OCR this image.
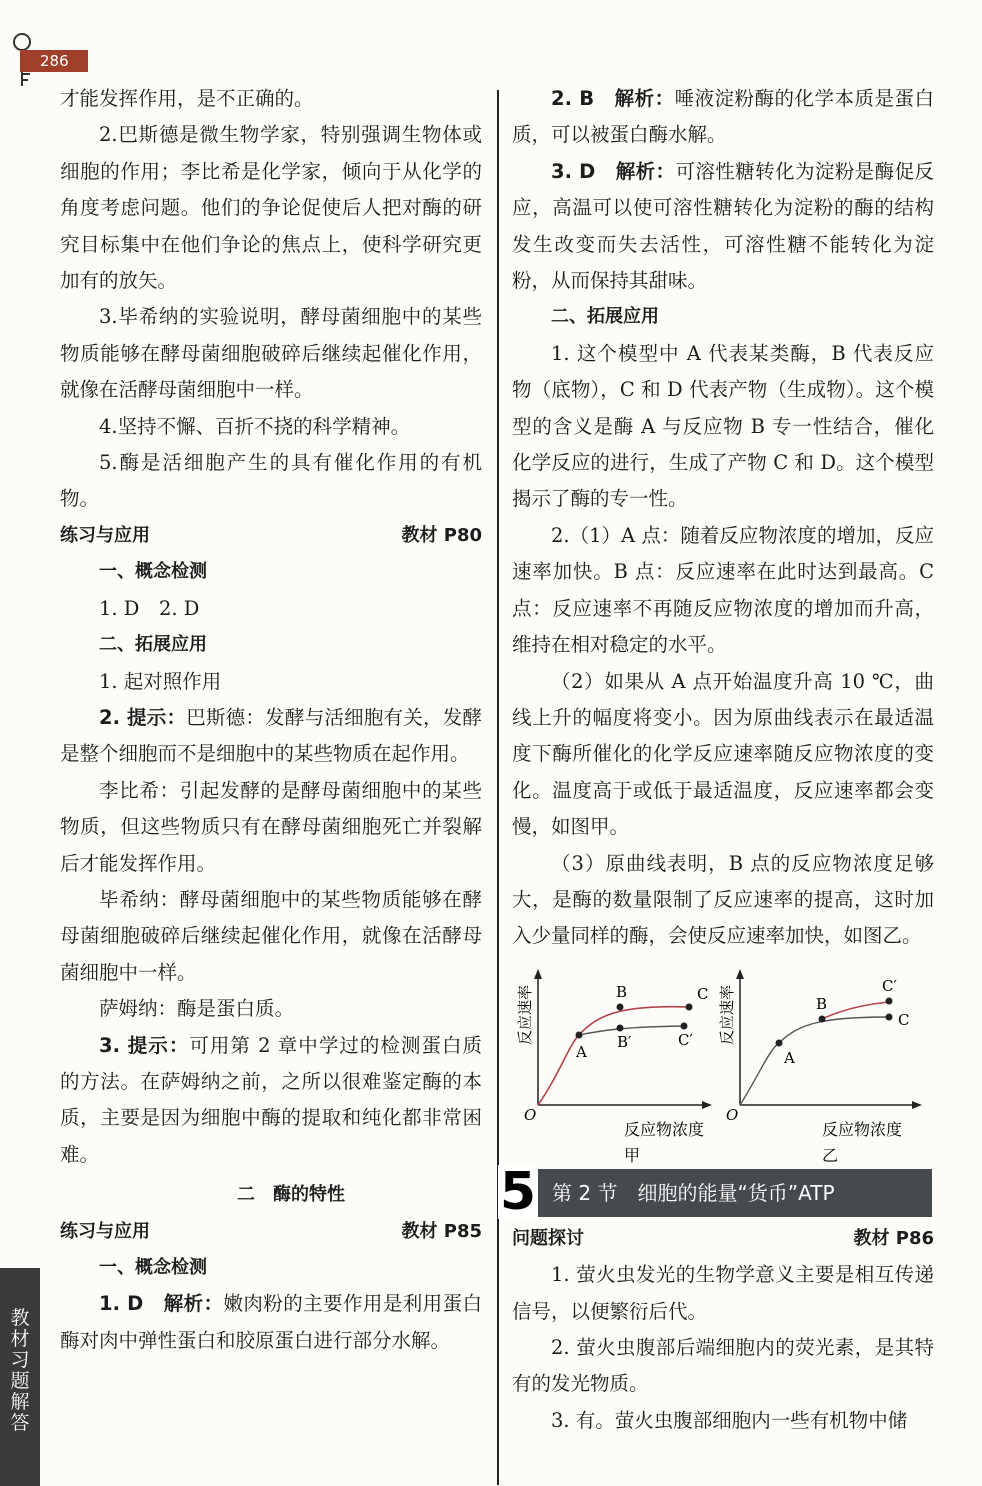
286
教
材
习
题
解
答

才能发挥作用，是不正确的。

2.巴斯德是微生物学家，特别强调生物体或细胞的作用；李比希是化学家，倾向于从化学的角度考虑问题。他们的争论促使后人把对酶的研究目标集中在他们争论的焦点上，使科学研究更加有的放矢。

3.毕希纳的实验说明，酵母菌细胞中的某些物质能够在酵母菌细胞破碎后继续起催化作用，就像在活酵母菌细胞中一样。

4.坚持不懈、百折不挠的科学精神。

5.酶是活细胞产生的具有催化作用的有机物。

练习与应用	教材 P80

一、概念检测

1. D　2. D

二、拓展应用

1. 起对照作用

2. 提示：巴斯德：发酵与活细胞有关，发酵是整个细胞而不是细胞中的某些物质在起作用。

李比希：引起发酵的是酵母菌细胞中的某些物质，但这些物质只有在酵母菌细胞死亡并裂解后才能发挥作用。

毕希纳：酵母菌细胞中的某些物质能够在酵母菌细胞破碎后继续起催化作用，就像在活酵母菌细胞中一样。

萨姆纳：酶是蛋白质。

3. 提示：可用第 2 章中学过的检测蛋白质的方法。在萨姆纳之前，之所以很难鉴定酶的本质，主要是因为细胞中酶的提取和纯化都非常困难。

二　酶的特性

练习与应用	教材 P85

一、概念检测

1. D　解析：嫩肉粉的主要作用是利用蛋白酶对肉中弹性蛋白和胶原蛋白进行部分水解。

2. B　解析：唾液淀粉酶的化学本质是蛋白质，可以被蛋白酶水解。

3. D　解析：可溶性糖转化为淀粉是酶促反应，高温可以使可溶性糖转化为淀粉的酶的结构发生改变而失去活性，可溶性糖不能转化为淀粉，从而保持其甜味。

二、拓展应用

1. 这个模型中 A 代表某类酶，B 代表反应物（底物），C 和 D 代表产物（生成物）。这个模型的含义是酶 A 与反应物 B 专一性结合，催化化学反应的进行，生成了产物 C 和 D。这个模型揭示了酶的专一性。

2.（1）A 点：随着反应物浓度的增加，反应速率加快。B 点：反应速率在此时达到最高。C 点：反应速率不再随反应物浓度的增加而升高，维持在相对稳定的水平。

（2）如果从 A 点开始温度升高 10 ℃，曲线上升的幅度将变小。因为原曲线表示在最适温度下酶所催化的化学反应速率随反应物浓度的变化。温度高于或低于最适温度，反应速率都会变慢，如图甲。

（3）原曲线表明，B 点的反应物浓度足够大，是酶的数量限制了反应速率的提高，这时加入少量同样的酶，会使反应速率加快，如图乙。

A
B	C
B′	C′
O
反应速率
反应物浓度
甲
A
B
C′
C
O
反应速率
反应物浓度
乙
5 第 2 节　细胞的能量“货币”ATP
问题探讨	教材 P86

1. 萤火虫发光的生物学意义主要是相互传递信号，以便繁衍后代。

2. 萤火虫腹部后端细胞内的荧光素，是其特有的发光物质。

3. 有。萤火虫腹部细胞内一些有机物中储
